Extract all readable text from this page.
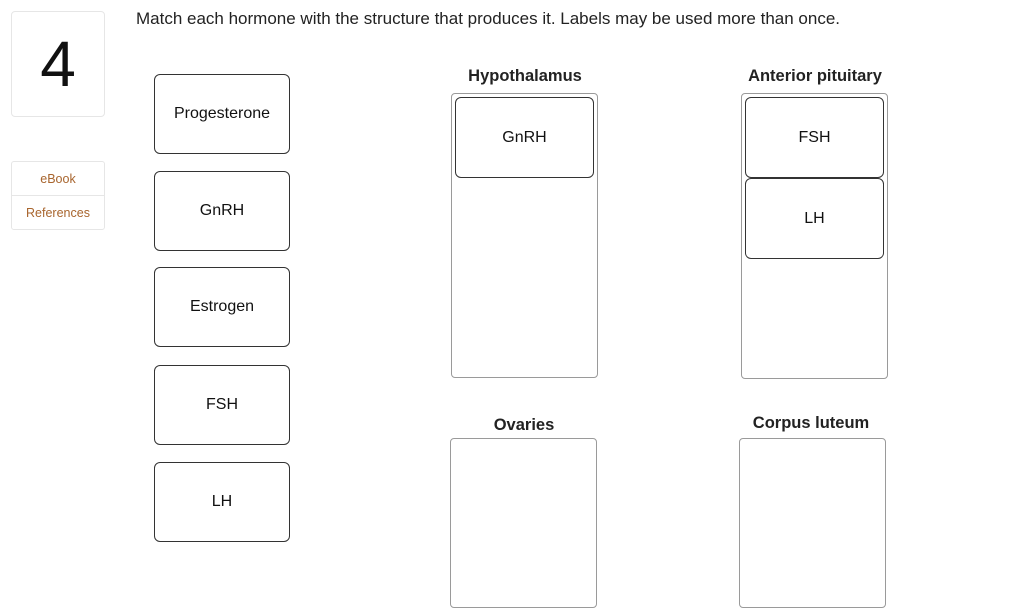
4
eBook
References
Match each hormone with the structure that produces it. Labels may be used more than once.
Progesterone
GnRH
Estrogen
FSH
LH
Hypothalamus
GnRH
Anterior pituitary
FSH
LH
Ovaries	Corpus luteum
